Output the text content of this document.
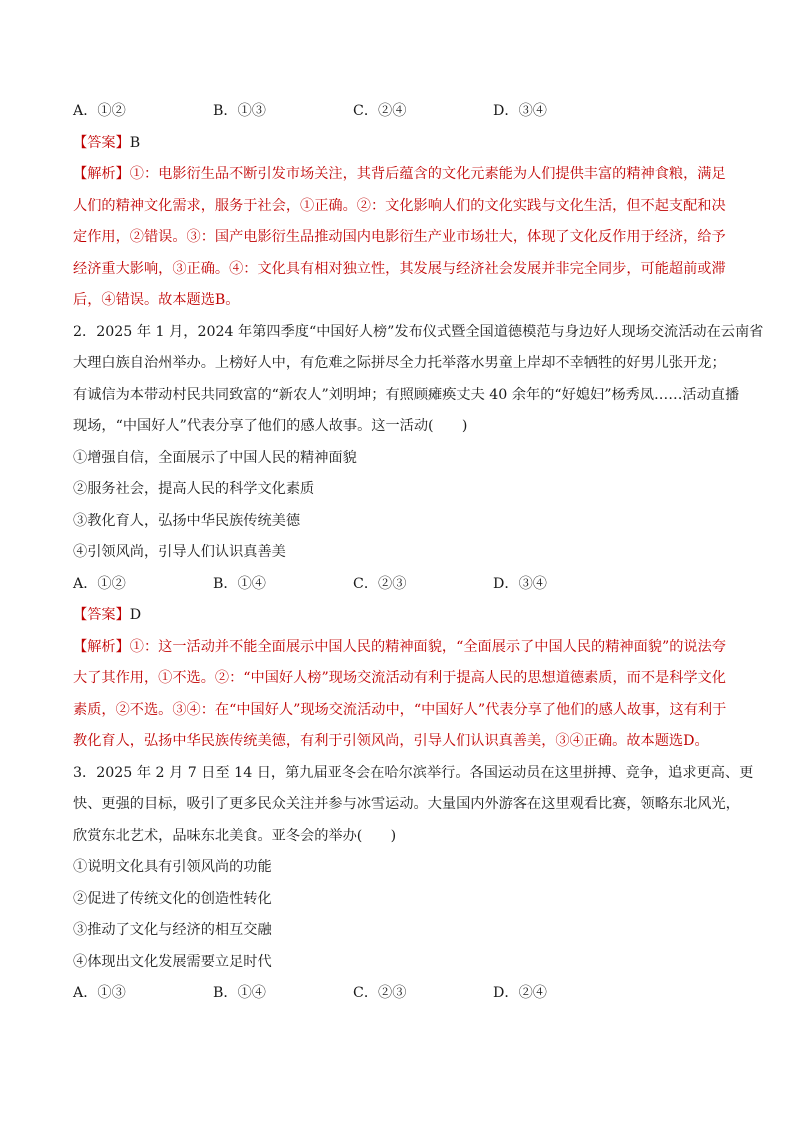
A．①②	B．①③	C．②④	D．③④
【答案】B
【解析】①：电影衍生品不断引发市场关注，其背后蕴含的文化元素能为人们提供丰富的精神食粮，满足
人们的精神文化需求，服务于社会，①正确。②：文化影响人们的文化实践与文化生活，但不起支配和决
定作用，②错误。③：国产电影衍生品推动国内电影衍生产业市场壮大，体现了文化反作用于经济，给予
经济重大影响，③正确。④：文化具有相对独立性，其发展与经济社会发展并非完全同步，可能超前或滞
后，④错误。故本题选B。
2．2025 年 1 月，2024 年第四季度“中国好人榜”发布仪式暨全国道德模范与身边好人现场交流活动在云南省
大理白族自治州举办。上榜好人中，有危难之际拼尽全力托举落水男童上岸却不幸牺牲的好男儿张开龙；
有诚信为本带动村民共同致富的“新农人”刘明坤；有照顾瘫痪丈夫 40 余年的“好媳妇”杨秀凤……活动直播
现场，“中国好人”代表分享了他们的感人故事。这一活动(　　)
①增强自信，全面展示了中国人民的精神面貌
②服务社会，提高人民的科学文化素质
③教化育人，弘扬中华民族传统美德
④引领风尚，引导人们认识真善美
A．①②	B．①④	C．②③	D．③④
【答案】D
【解析】①：这一活动并不能全面展示中国人民的精神面貌，“全面展示了中国人民的精神面貌”的说法夸
大了其作用，①不选。②：“中国好人榜”现场交流活动有利于提高人民的思想道德素质，而不是科学文化
素质，②不选。③④：在“中国好人”现场交流活动中，“中国好人”代表分享了他们的感人故事，这有利于
教化育人，弘扬中华民族传统美德，有利于引领风尚，引导人们认识真善美，③④正确。故本题选D。
3．2025 年 2 月 7 日至 14 日，第九届亚冬会在哈尔滨举行。各国运动员在这里拼搏、竞争，追求更高、更
快、更强的目标，吸引了更多民众关注并参与冰雪运动。大量国内外游客在这里观看比赛，领略东北风光，
欣赏东北艺术，品味东北美食。亚冬会的举办(　　)
①说明文化具有引领风尚的功能
②促进了传统文化的创造性转化
③推动了文化与经济的相互交融
④体现出文化发展需要立足时代
A．①③	B．①④	C．②③	D．②④
